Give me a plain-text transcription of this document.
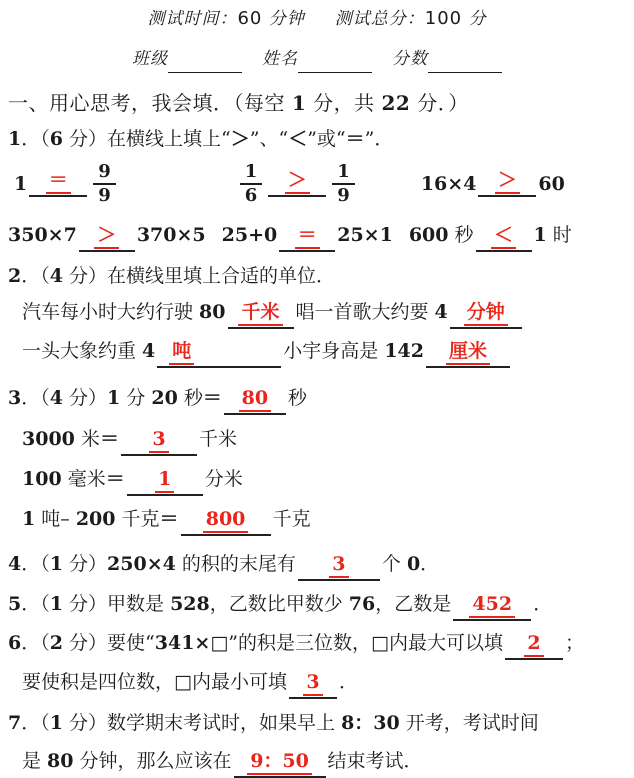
测试时间：60 分钟 测试总分：100 分
班级	姓名	分数
一、用心思考，我会填．（每空 1 分，共 22 分．）
1．（6 分）在横线上填上“＞”、“＜”或“＝”．
1	＝	$\frac{9}{9}$	$\frac{1}{6}$	＞	$\frac{1}{9}$	16×4	＞	60
350×7 ＞ 370×5 25+0 ＝ 25×1 600 秒 ＜ 1 时
2．（4 分）在横线里填上合适的单位．
汽车每小时大约行驶 80 千米 唱一首歌大约要 4 分钟
一头大象约重 4 吨	小宇身高是 142 厘米
3．（4 分）1 分 20 秒＝ 80 秒
3000 米＝ 3 千米
100 毫米＝ 1 分米
1 吨– 200 千克＝ 800 千克
4．（1 分）250×4 的积的末尾有 3 个 0．
5．（1 分）甲数是 528，乙数比甲数少 76，乙数是 452 ．
6．（2 分）要使“341×□”的积是三位数，□内最大可以填 2 ；
要使积是四位数，□内最小可填 3 ．
7．（1 分）数学期末考试时，如果早上 8：30 开考，考试时间
是 80 分钟，那么应该在 9：50 结束考试．
